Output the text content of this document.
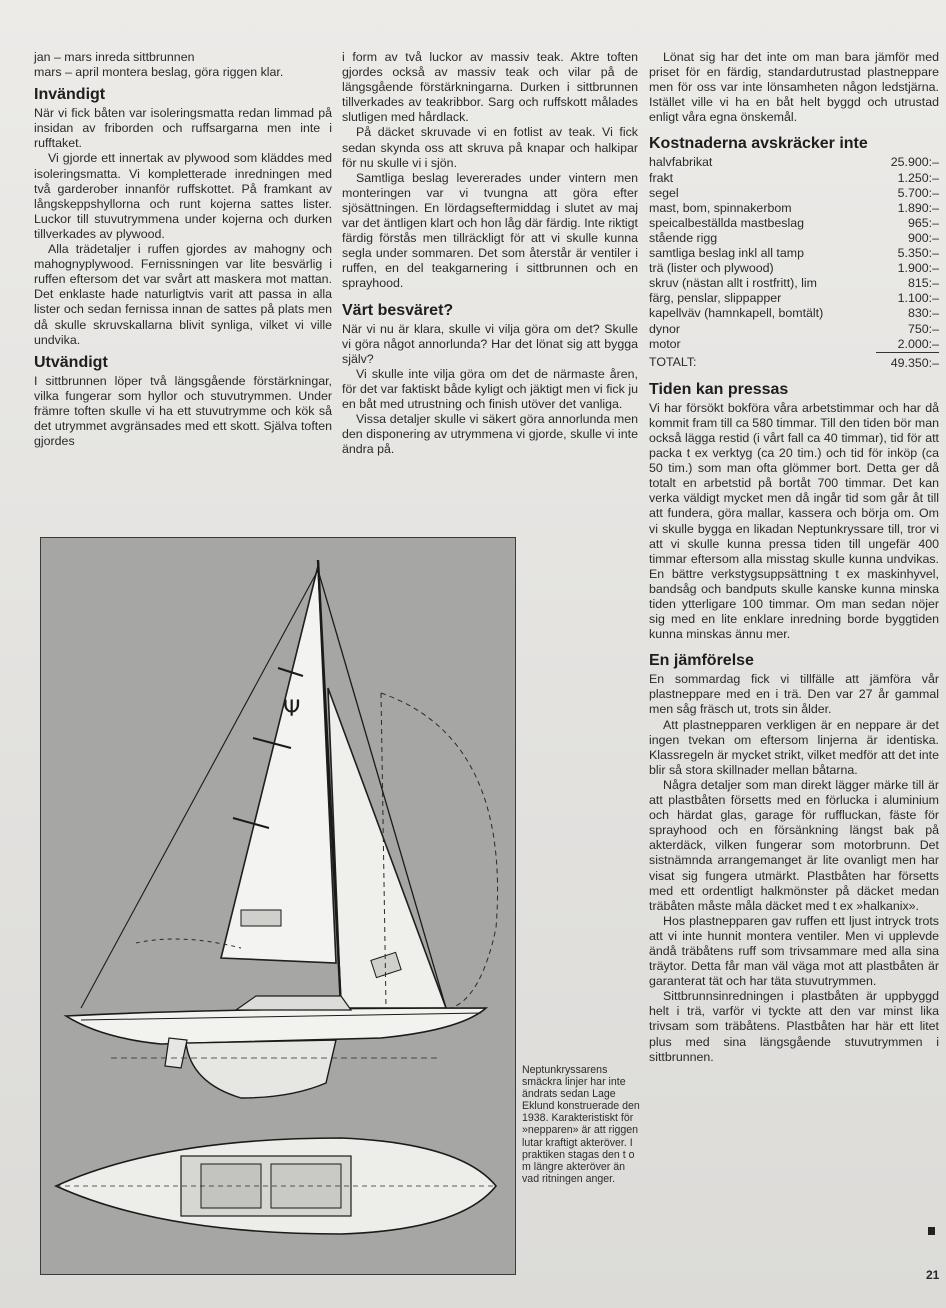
jan – mars inreda sittbrunnen
mars – april montera beslag, göra riggen klar.
Invändigt

När vi fick båten var isoleringsmatta redan limmad på insidan av friborden och ruffsargarna men inte i rufftaket.

Vi gjorde ett innertak av plywood som kläddes med isoleringsmatta. Vi kompletterade inredningen med två garderober innanför ruffskottet. På framkant av långskeppshyllorna och runt kojerna sattes lister. Luckor till stuvutrymmena under kojerna och durken tillverkades av plywood.

Alla trädetaljer i ruffen gjordes av mahogny och mahognyplywood. Fernissningen var lite besvärlig i ruffen eftersom det var svårt att maskera mot mattan. Det enklaste hade naturligtvis varit att passa in alla lister och sedan fernissa innan de sattes på plats men då skulle skruvskallarna blivit synliga, vilket vi ville undvika.

Utvändigt

I sittbrunnen löper två längsgående förstärkningar, vilka fungerar som hyllor och stuvutrymmen. Under främre toften skulle vi ha ett stuvutrymme och kök så det utrymmet avgränsades med ett skott. Själva toften gjordes

i form av två luckor av massiv teak. Aktre toften gjordes också av massiv teak och vilar på de längsgående förstärkningarna. Durken i sittbrunnen tillverkades av teakribbor. Sarg och ruffskott målades slutligen med hårdlack.

På däcket skruvade vi en fotlist av teak. Vi fick sedan skynda oss att skruva på knapar och halkipar för nu skulle vi i sjön.

Samtliga beslag levererades under vintern men monteringen var vi tvungna att göra efter sjösättningen. En lördagseftermiddag i slutet av maj var det äntligen klart och hon låg där färdig. Inte riktigt färdig förstås men tillräckligt för att vi skulle kunna segla under sommaren. Det som återstår är ventiler i ruffen, en del teakgarnering i sittbrunnen och en sprayhood.

Värt besväret?

När vi nu är klara, skulle vi vilja göra om det? Skulle vi göra något annorlunda? Har det lönat sig att bygga själv?

Vi skulle inte vilja göra om det de närmaste åren, för det var faktiskt både kyligt och jäktigt men vi fick ju en båt med utrustning och finish utöver det vanliga.

Vissa detaljer skulle vi säkert göra annorlunda men den disponering av utrymmena vi gjorde, skulle vi inte ändra på.

Lönat sig har det inte om man bara jämför med priset för en färdig, standardutrustad plastneppare men för oss var inte lönsamheten någon ledstjärna. Istället ville vi ha en båt helt byggd och utrustad enligt våra egna önskemål.

Kostnaderna avskräcker inte
halvfabrikat	25.900:–
frakt	1.250:–
segel	5.700:–
mast, bom, spinnakerbom	1.890:–
speicalbeställda mastbeslag	965:–
stående rigg	900:–
samtliga beslag inkl all tamp	5.350:–
trä (lister och plywood)	1.900:–
skruv (nästan allt i rostfritt), lim	815:–
färg, penslar, slippapper	1.100:–
kapellväv (hamnkapell, bomtält)	830:–
dynor	750:–
motor	2.000:–
TOTALT:	49.350:–
Tiden kan pressas

Vi har försökt bokföra våra arbetstimmar och har då kommit fram till ca 580 timmar. Till den tiden bör man också lägga restid (i vårt fall ca 40 timmar), tid för att packa t ex verktyg (ca 20 tim.) och tid för inköp (ca 50 tim.) som man ofta glömmer bort. Detta ger då totalt en arbetstid på bortåt 700 timmar. Det kan verka väldigt mycket men då ingår tid som går åt till att fundera, göra mallar, kassera och börja om. Om vi skulle bygga en likadan Neptunkryssare till, tror vi att vi skulle kunna pressa tiden till ungefär 400 timmar eftersom alla misstag skulle kunna undvikas. En bättre verkstygsuppsättning t ex maskinhyvel, bandsåg och bandputs skulle kanske kunna minska tiden ytterligare 100 timmar. Om man sedan nöjer sig med en lite enklare inredning borde byggtiden kunna minskas ännu mer.

En jämförelse

En sommardag fick vi tillfälle att jämföra vår plastneppare med en i trä. Den var 27 år gammal men såg fräsch ut, trots sin ålder.

Att plastnepparen verkligen är en neppare är det ingen tvekan om eftersom linjerna är identiska. Klassregeln är mycket strikt, vilket medför att det inte blir så stora skillnader mellan båtarna.

Några detaljer som man direkt lägger märke till är att plastbåten försetts med en förlucka i aluminium och härdat glas, garage för ruffluckan, fäste för sprayhood och en försänkning längst bak på akterdäck, vilken fungerar som motorbrunn. Det sistnämnda arrangemanget är lite ovanligt men har visat sig fungera utmärkt. Plastbåten har försetts med ett ordentligt halkmönster på däcket medan träbåten måste måla däcket med t ex »halkanix».

Hos plastnepparen gav ruffen ett ljust intryck trots att vi inte hunnit montera ventiler. Men vi upplevde ändå träbåtens ruff som trivsammare med alla sina träytor. Detta får man väl väga mot att plastbåten är garanterat tät och har täta stuvutrymmen.

Sittbrunnsinredningen i plastbåten är uppbyggd helt i trä, varför vi tyckte att den var minst lika trivsam som träbåtens. Plastbåten har här ett litet plus med sina längsgående stuvutrymmen i sittbrunnen.

Ψ
Neptunkryssarens smäckra linjer har inte ändrats sedan Lage Eklund konstruerade den 1938. Karakteristiskt för »nepparen» är att riggen lutar kraftigt akteröver. I praktiken stagas den t o m längre akteröver än vad ritningen anger.
21
